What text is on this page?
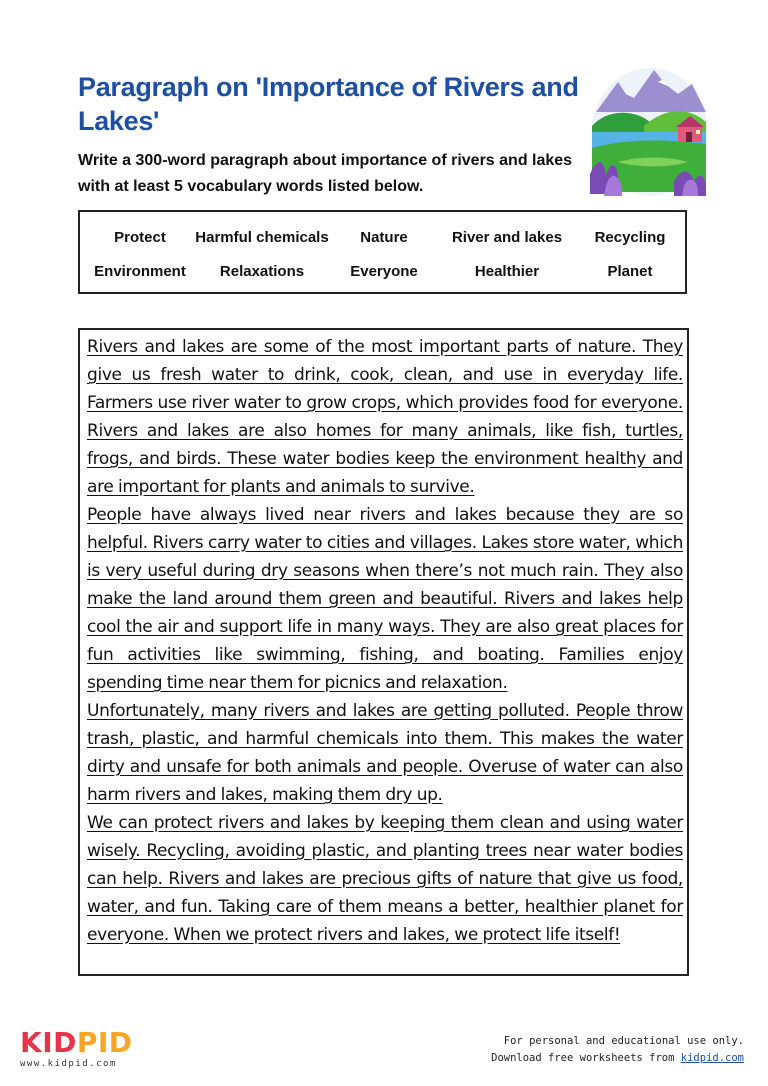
Paragraph on 'Importance of Rivers and Lakes'

Write a 300-word paragraph about importance of rivers and lakes with at least 5 vocabulary words listed below.

Protect	Harmful chemicals	Nature	River and lakes	Recycling
Environment	Relaxations	Everyone	Healthier	Planet

Rivers and lakes are some of the most important parts of nature. They give us fresh water to drink, cook, clean, and use in everyday life. Farmers use river water to grow crops, which provides food for everyone. Rivers and lakes are also homes for many animals, like fish, turtles, frogs, and birds. These water bodies keep the environment healthy and are important for plants and animals to survive.

People have always lived near rivers and lakes because they are so helpful. Rivers carry water to cities and villages. Lakes store water, which is very useful during dry seasons when there’s not much rain. They also make the land around them green and beautiful. Rivers and lakes help cool the air and support life in many ways. They are also great places for fun activities like swimming, fishing, and boating. Families enjoy spending time near them for picnics and relaxation.

Unfortunately, many rivers and lakes are getting polluted. People throw trash, plastic, and harmful chemicals into them. This makes the water dirty and unsafe for both animals and people. Overuse of water can also harm rivers and lakes, making them dry up.

We can protect rivers and lakes by keeping them clean and using water wisely. Recycling, avoiding plastic, and planting trees near water bodies can help. Rivers and lakes are precious gifts of nature that give us food, water, and fun. Taking care of them means a better, healthier planet for everyone. When we protect rivers and lakes, we protect life itself!

KIDPID
www.kidpid.com
For personal and educational use only.
Download free worksheets from kidpid.com
